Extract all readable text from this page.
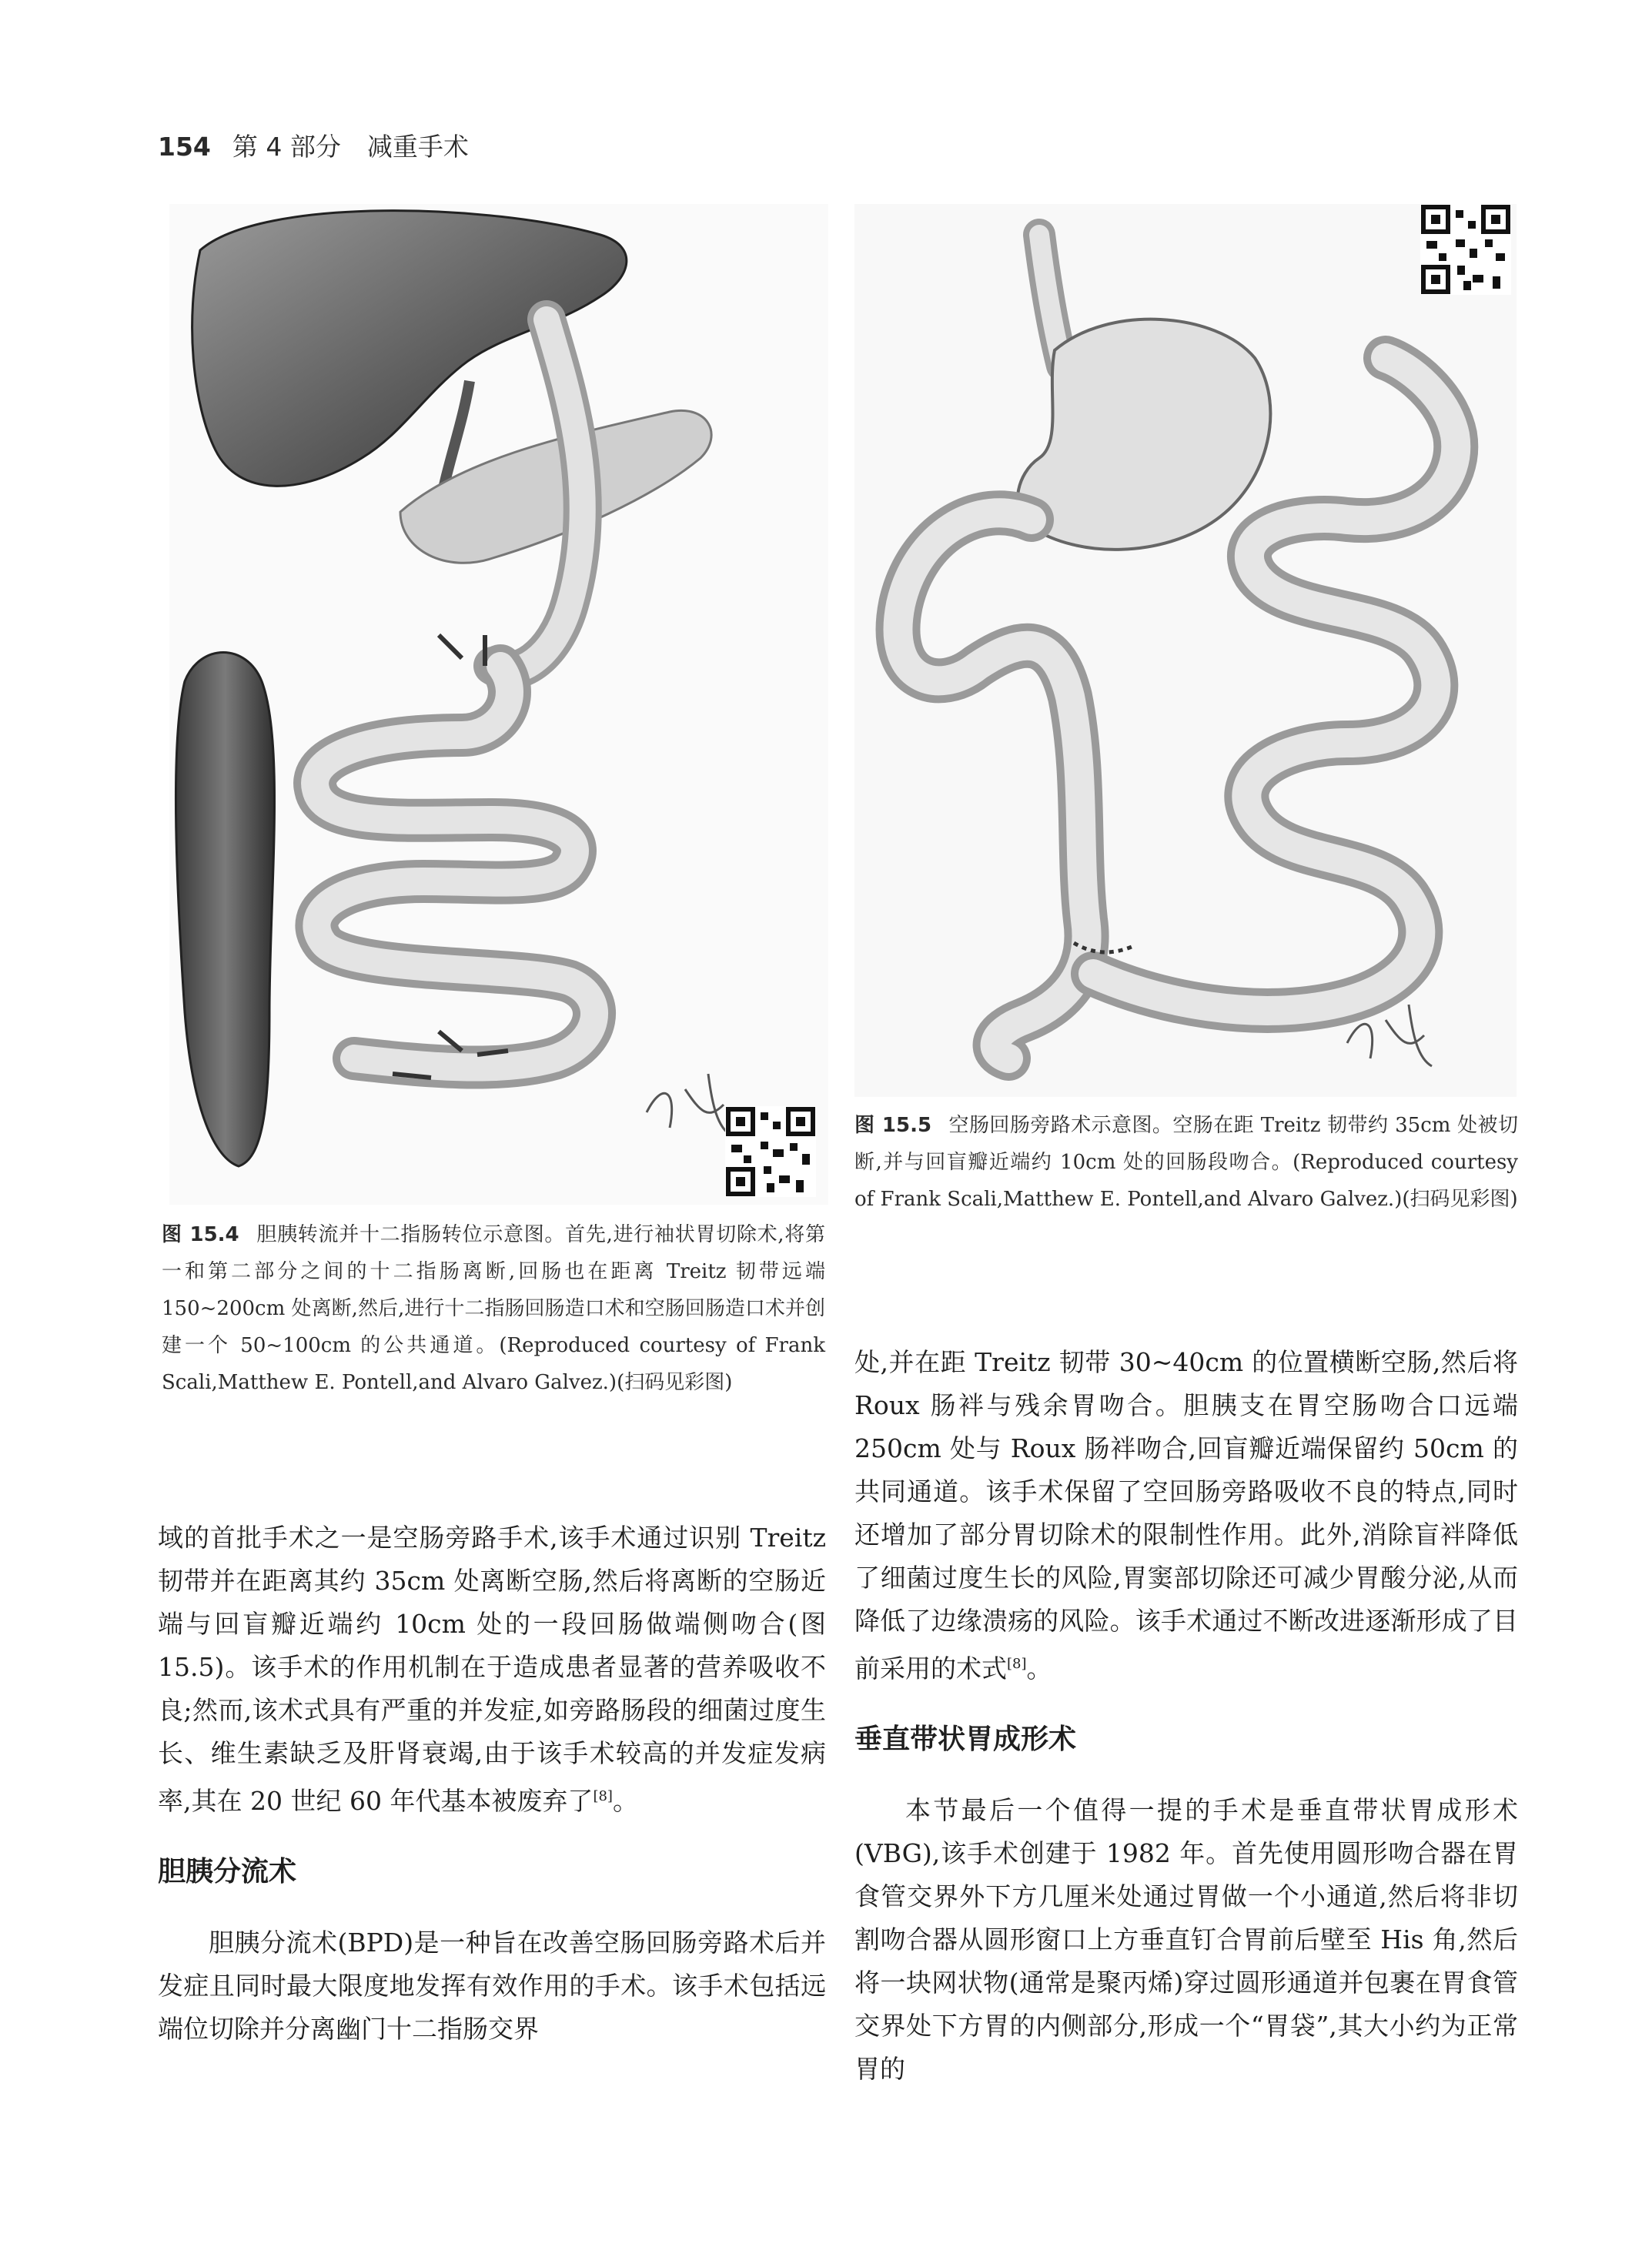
154 第 4 部分 减重手术
图 15.4 胆胰转流并十二指肠转位示意图。首先,进行袖状胃切除术,将第一和第二部分之间的十二指肠离断,回肠也在距离 Treitz 韧带远端 150~200cm 处离断,然后,进行十二指肠回肠造口术和空肠回肠造口术并创建一个 50~100cm 的公共通道。(Reproduced courtesy of Frank Scali,Matthew E. Pontell,and Alvaro Galvez.)(扫码见彩图)
图 15.5 空肠回肠旁路术示意图。空肠在距 Treitz 韧带约 35cm 处被切断,并与回盲瓣近端约 10cm 处的回肠段吻合。(Reproduced courtesy of Frank Scali,Matthew E. Pontell,and Alvaro Galvez.)(扫码见彩图)

域的首批手术之一是空肠旁路手术,该手术通过识别 Treitz 韧带并在距离其约 35cm 处离断空肠,然后将离断的空肠近端与回盲瓣近端约 10cm 处的一段回肠做端侧吻合(图 15.5)。该手术的作用机制在于造成患者显著的营养吸收不良;然而,该术式具有严重的并发症,如旁路肠段的细菌过度生长、维生素缺乏及肝肾衰竭,由于该手术较高的并发症发病率,其在 20 世纪 60 年代基本被废弃了[8]。

胆胰分流术

胆胰分流术(BPD)是一种旨在改善空肠回肠旁路术后并发症且同时最大限度地发挥有效作用的手术。该手术包括远端位切除并分离幽门十二指肠交界

处,并在距 Treitz 韧带 30~40cm 的位置横断空肠,然后将 Roux 肠袢与残余胃吻合。胆胰支在胃空肠吻合口远端 250cm 处与 Roux 肠袢吻合,回盲瓣近端保留约 50cm 的共同通道。该手术保留了空回肠旁路吸收不良的特点,同时还增加了部分胃切除术的限制性作用。此外,消除盲袢降低了细菌过度生长的风险,胃窦部切除还可减少胃酸分泌,从而降低了边缘溃疡的风险。该手术通过不断改进逐渐形成了目前采用的术式[8]。

垂直带状胃成形术

本节最后一个值得一提的手术是垂直带状胃成形术(VBG),该手术创建于 1982 年。首先使用圆形吻合器在胃食管交界外下方几厘米处通过胃做一个小通道,然后将非切割吻合器从圆形窗口上方垂直钉合胃前后壁至 His 角,然后将一块网状物(通常是聚丙烯)穿过圆形通道并包裹在胃食管交界处下方胃的内侧部分,形成一个“胃袋”,其大小约为正常胃的
